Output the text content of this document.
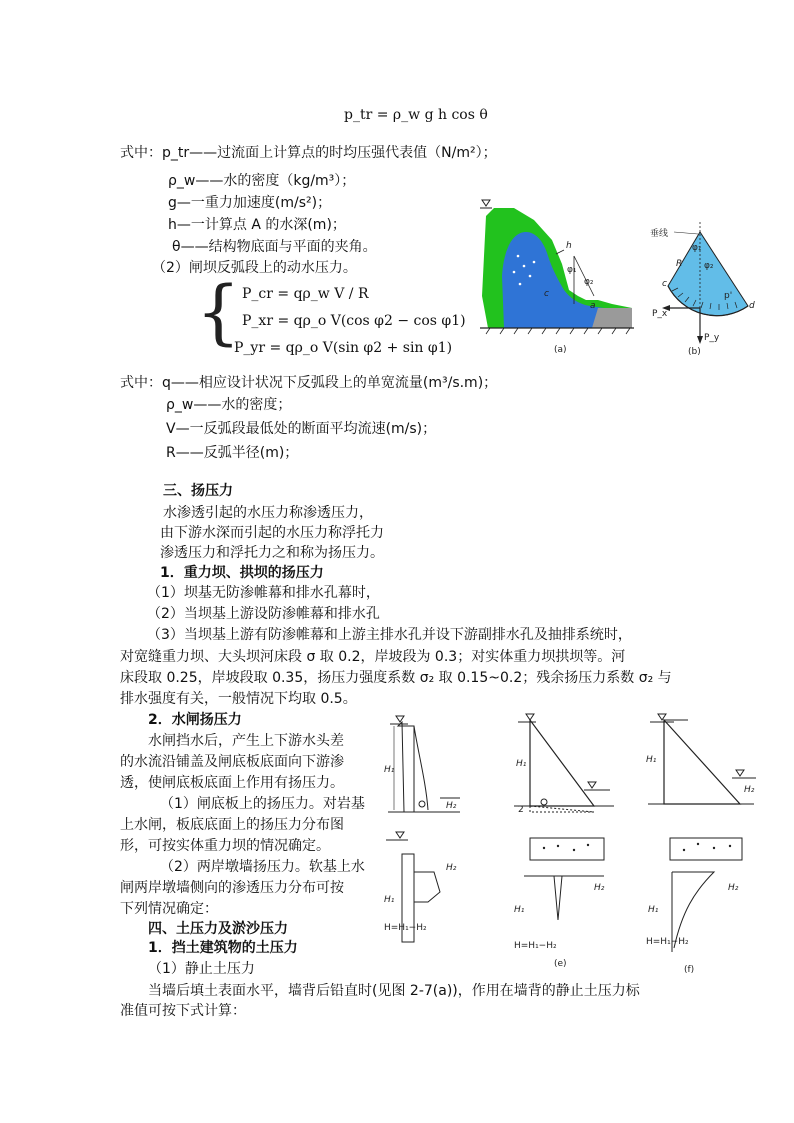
p_tr = ρ_w g h cos θ
式中：p_tr——过流面上计算点的时均压强代表值（N/m²）；
ρ_w——水的密度（kg/m³）；
g—一重力加速度(m/s²)；
h—一计算点 A 的水深(m)；
θ——结构物底面与平面的夹角。
（2）闸坝反弧段上的动水压力。
{ P_cr = qρ_w V / R
P_xr = qρ_o V(cos φ2 − cos φ1)
P_yr = qρ_o V(sin φ2 + sin φ1)
h
φ₁
φ₂
c
a
(a)
垂线
R φ₂
φ₁
p'
c
d
P_x
P_y
(b)
式中：q——相应设计状况下反弧段上的单宽流量(m³/s.m)；
ρ_w——水的密度；
V—一反弧段最低处的断面平均流速(m/s)；
R——反弧半径(m)；
三、扬压力
水渗透引起的水压力称渗透压力，
由下游水深而引起的水压力称浮托力
渗透压力和浮托力之和称为扬压力。
1．重力坝、拱坝的扬压力
（1）坝基无防渗帷幕和排水孔幕时，
（2）当坝基上游设防渗帷幕和排水孔
（3）当坝基上游有防渗帷幕和上游主排水孔并设下游副排水孔及抽排系统时，
对宽缝重力坝、大头坝河床段 σ 取 0.2，岸坡段为 0.3；对实体重力坝拱坝等。河
床段取 0.25，岸坡段取 0.35，扬压力强度系数 σ₂ 取 0.15~0.2；残余扬压力系数 σ₂ 与
排水强度有关，一般情况下均取 0.5。
2．水闸扬压力
水闸挡水后，产生上下游水头差
的水流沿铺盖及闸底板底面向下游渗
透，使闸底板底面上作用有扬压力。
（1）闸底板上的扬压力。对岩基
上水闸，板底底面上的扬压力分布图
形，可按实体重力坝的情况确定。
（2）两岸墩墙扬压力。软基上水
闸两岸墩墙侧向的渗透压力分布可按
下列情况确定：
H₁
H₂
H₁
2
H₁
H₂
H₁
H=H₁−H₂
H₂
H₁
H=H₁−H₂
H₂
(e)
H₁
H=H₁−H₂
H₂
(f)
四、土压力及淤沙压力
1．挡土建筑物的土压力
（1）静止土压力
当墙后填土表面水平，墙背后铅直时(见图 2-7(a))，作用在墙背的静止土压力标
准值可按下式计算：
